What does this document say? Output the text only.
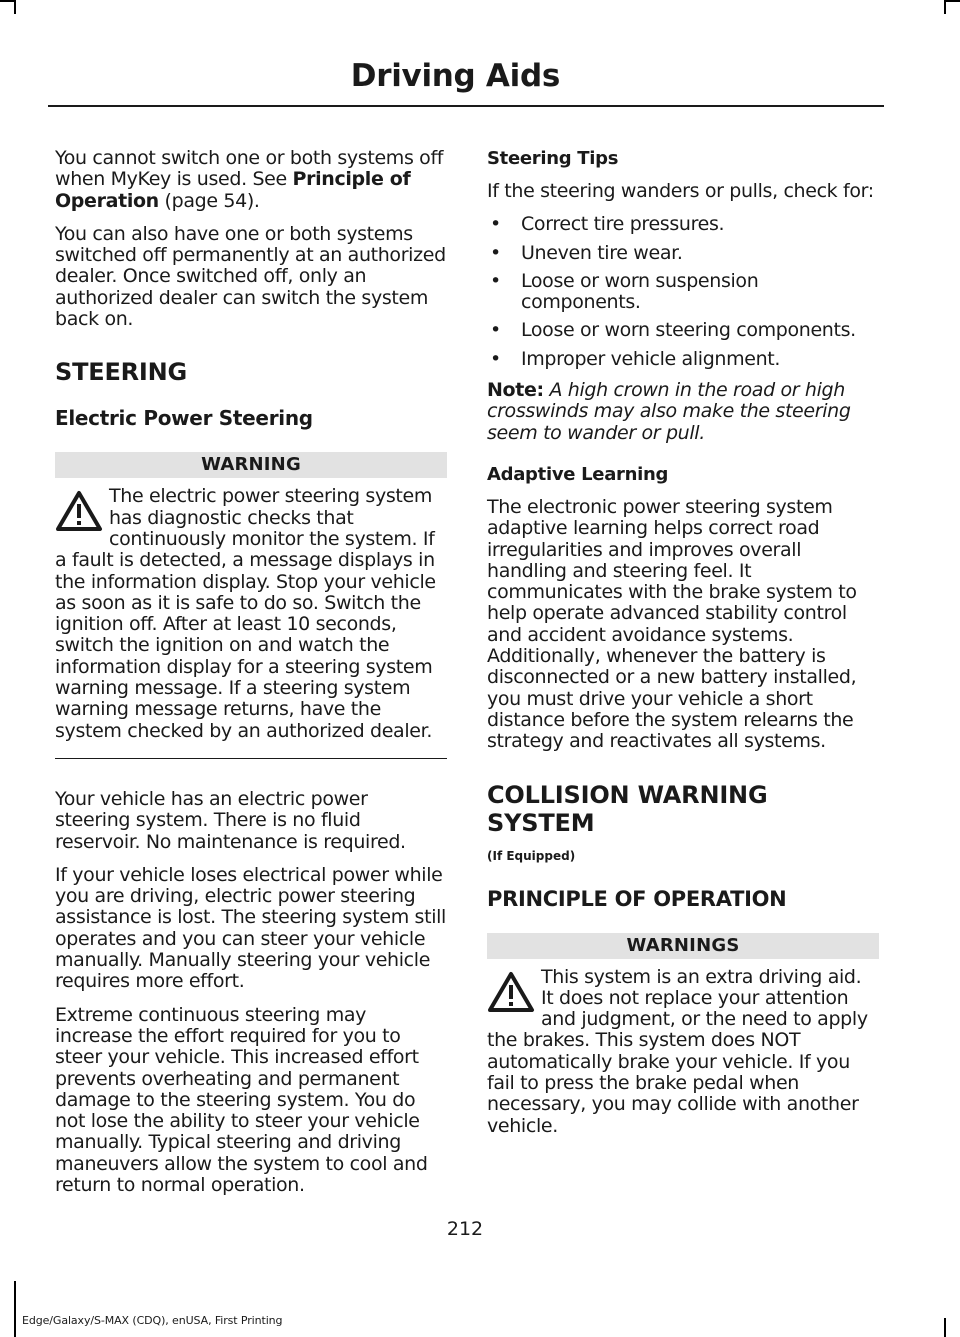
Driving Aids

You cannot switch one or both systems off when MyKey is used. See Principle of Operation (page 54).

You can also have one or both systems switched off permanently at an authorized dealer. Once switched off, only an authorized dealer can switch the system back on.

STEERING
Electric Power Steering
WARNING

The electric power steering system has diagnostic checks that continuously monitor the system. If a fault is detected, a message displays in the information display. Stop your vehicle as soon as it is safe to do so. Switch the ignition off. After at least 10 seconds, switch the ignition on and watch the information display for a steering system warning message. If a steering system warning message returns, have the system checked by an authorized dealer.

Your vehicle has an electric power steering system. There is no fluid reservoir. No maintenance is required.

If your vehicle loses electrical power while you are driving, electric power steering assistance is lost. The steering system still operates and you can steer your vehicle manually. Manually steering your vehicle requires more effort.

Extreme continuous steering may increase the effort required for you to steer your vehicle. This increased effort prevents overheating and permanent damage to the steering system. You do not lose the ability to steer your vehicle manually. Typical steering and driving maneuvers allow the system to cool and return to normal operation.

Steering Tips

If the steering wanders or pulls, check for:

• Correct tire pressures.
• Uneven tire wear.
• Loose or worn suspension components.
• Loose or worn steering components.
• Improper vehicle alignment.

Note: A high crown in the road or high crosswinds may also make the steering seem to wander or pull.

Adaptive Learning

The electronic power steering system adaptive learning helps correct road irregularities and improves overall handling and steering feel. It communicates with the brake system to help operate advanced stability control and accident avoidance systems. Additionally, whenever the battery is disconnected or a new battery installed, you must drive your vehicle a short distance before the system relearns the strategy and reactivates all systems.

COLLISION WARNING SYSTEM
(If Equipped)
PRINCIPLE OF OPERATION
WARNINGS

This system is an extra driving aid. It does not replace your attention and judgment, or the need to apply the brakes. This system does NOT automatically brake your vehicle. If you fail to press the brake pedal when necessary, you may collide with another vehicle.

212
Edge/Galaxy/S-MAX (CDQ), enUSA, First Printing
